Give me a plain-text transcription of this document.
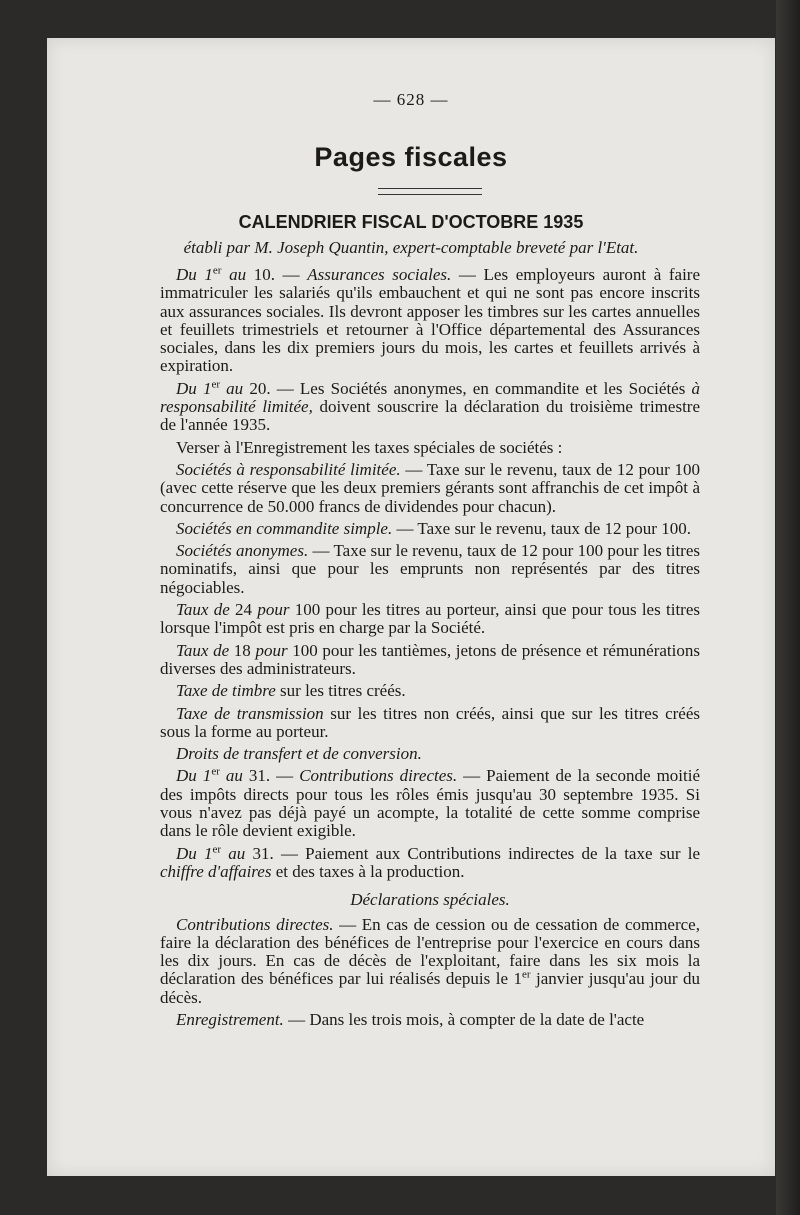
— 628 —
Pages fiscales
CALENDRIER FISCAL D'OCTOBRE 1935
établi par M. Joseph Quantin, expert-comptable breveté par l'Etat.

Du 1er au 10. — Assurances sociales. — Les employeurs auront à faire immatriculer les salariés qu'ils embauchent et qui ne sont pas encore inscrits aux assurances sociales. Ils devront apposer les timbres sur les cartes annuelles et feuillets trimestriels et retourner à l'Office départemental des Assurances sociales, dans les dix premiers jours du mois, les cartes et feuillets arrivés à expiration.

Du 1er au 20. — Les Sociétés anonymes, en commandite et les Sociétés à responsabilité limitée, doivent souscrire la déclaration du troisième trimestre de l'année 1935.

Verser à l'Enregistrement les taxes spéciales de sociétés :

Sociétés à responsabilité limitée. — Taxe sur le revenu, taux de 12 pour 100 (avec cette réserve que les deux premiers gérants sont affranchis de cet impôt à concurrence de 50.000 francs de dividendes pour chacun).

Sociétés en commandite simple. — Taxe sur le revenu, taux de 12 pour 100.

Sociétés anonymes. — Taxe sur le revenu, taux de 12 pour 100 pour les titres nominatifs, ainsi que pour les emprunts non représentés par des titres négociables.

Taux de 24 pour 100 pour les titres au porteur, ainsi que pour tous les titres lorsque l'impôt est pris en charge par la Société.

Taux de 18 pour 100 pour les tantièmes, jetons de présence et rémunérations diverses des administrateurs.

Taxe de timbre sur les titres créés.

Taxe de transmission sur les titres non créés, ainsi que sur les titres créés sous la forme au porteur.

Droits de transfert et de conversion.

Du 1er au 31. — Contributions directes. — Paiement de la seconde moitié des impôts directs pour tous les rôles émis jusqu'au 30 septembre 1935. Si vous n'avez pas déjà payé un acompte, la totalité de cette somme comprise dans le rôle devient exigible.

Du 1er au 31. — Paiement aux Contributions indirectes de la taxe sur le chiffre d'affaires et des taxes à la production.

Déclarations spéciales.

Contributions directes. — En cas de cession ou de cessation de commerce, faire la déclaration des bénéfices de l'entreprise pour l'exercice en cours dans les dix jours. En cas de décès de l'exploitant, faire dans les six mois la déclaration des bénéfices par lui réalisés depuis le 1er janvier jusqu'au jour du décès.

Enregistrement. — Dans les trois mois, à compter de la date de l'acte
